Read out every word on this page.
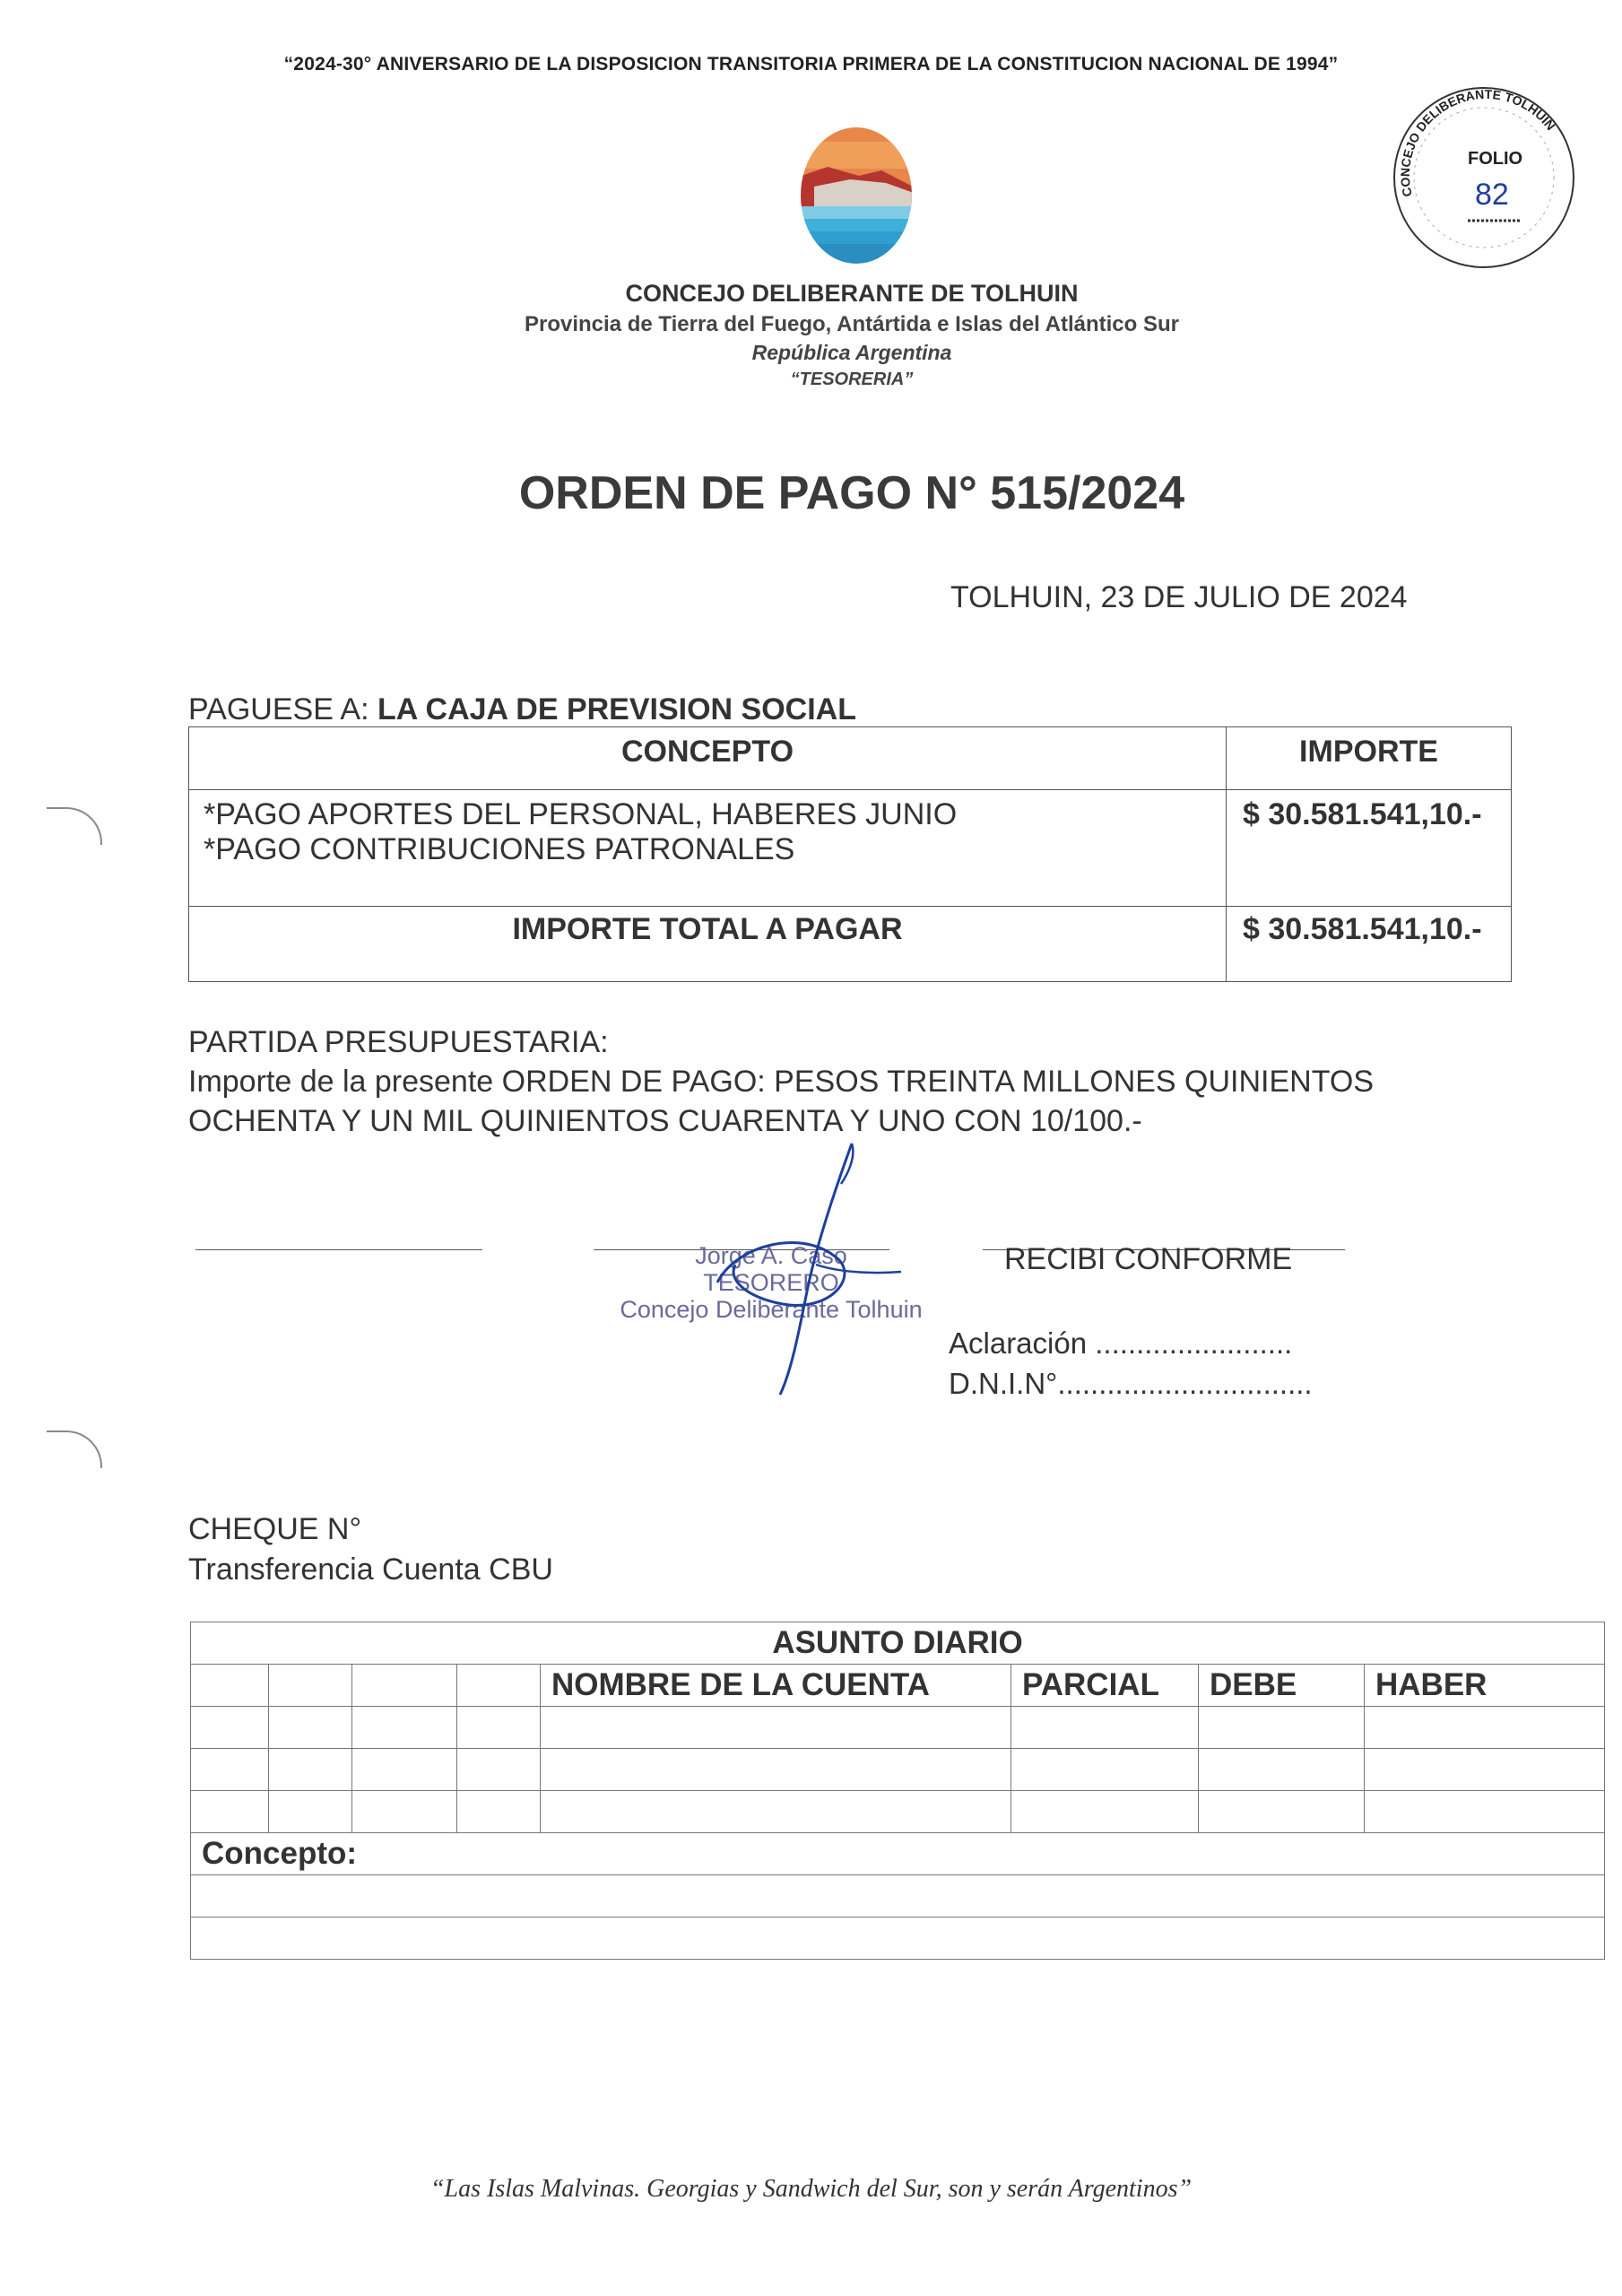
“2024-30° ANIVERSARIO DE LA DISPOSICION TRANSITORIA PRIMERA DE LA CONSTITUCION NACIONAL DE 1994”
CONCEJO DELIBERANTE TOLHUIN
FOLIO
82
CONCEJO DELIBERANTE DE TOLHUIN
Provincia de Tierra del Fuego, Antártida e Islas del Atlántico Sur
República Argentina
“TESORERIA”
ORDEN DE PAGO N° 515/2024
TOLHUIN, 23 DE JULIO DE 2024
PAGUESE A: LA CAJA DE PREVISION SOCIAL
CONCEPTO	IMPORTE

*PAGO APORTES DEL PERSONAL, HABERES JUNIO
*PAGO CONTRIBUCIONES PATRONALES	$ 30.581.541,10.-
IMPORTE TOTAL A PAGAR	$ 30.581.541,10.-
PARTIDA PRESUPUESTARIA:
Importe de la presente ORDEN DE PAGO: PESOS TREINTA MILLONES QUINIENTOS
OCHENTA Y UN MIL QUINIENTOS CUARENTA Y UNO CON 10/100.-
Jorge A. Caso
TESORERO
Concejo Deliberante Tolhuin
RECIBI CONFORME
Aclaración ........................
D.N.I.N°...............................
CHEQUE N°
Transferencia Cuenta CBU
ASUNTO DIARIO							
				NOMBRE DE LA CUENTA	PARCIAL	DEBE	HABER

Concepto:							

“Las Islas Malvinas. Georgias y Sandwich del Sur, son y serán Argentinos”
